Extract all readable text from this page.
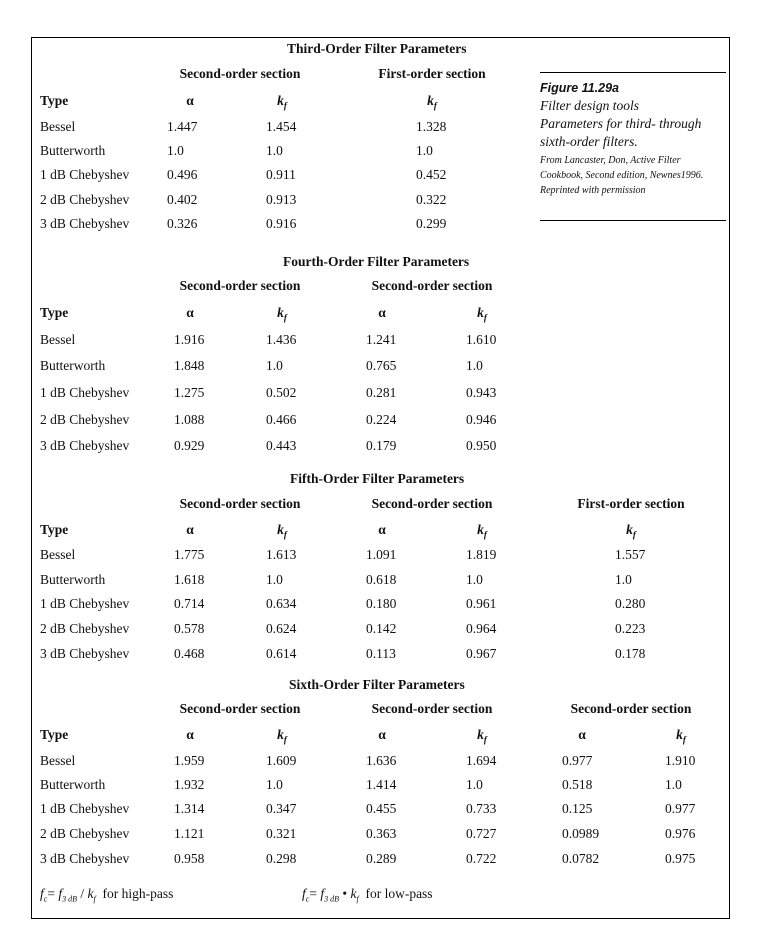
Figure 11.29a
Filter design tools
Parameters for third- through
sixth-order filters.
From Lancaster, Don, Active Filter Cookbook, Second edition, Newnes1996. Reprinted with permission
Third-Order Filter Parameters
Second-order section	First-order section
Type	α	$k_f$	$k_f$
Bessel	1.447	1.454	1.328
Butterworth	1.0	1.0	1.0
1 dB Chebyshev	0.496	0.911	0.452
2 dB Chebyshev	0.402	0.913	0.322
3 dB Chebyshev	0.326	0.916	0.299
Fourth-Order Filter Parameters
Second-order section	Second-order section
Type	α	$k_f$	α	$k_f$
Bessel	1.916	1.436	1.241	1.610
Butterworth	1.848	1.0	0.765	1.0
1 dB Chebyshev	1.275	0.502	0.281	0.943
2 dB Chebyshev	1.088	0.466	0.224	0.946
3 dB Chebyshev	0.929	0.443	0.179	0.950
Fifth-Order Filter Parameters
Second-order section	Second-order section	First-order section
Type	α	$k_f$	α	$k_f$	$k_f$
Bessel	1.775	1.613	1.091	1.819	1.557
Butterworth	1.618	1.0	0.618	1.0	1.0
1 dB Chebyshev	0.714	0.634	0.180	0.961	0.280
2 dB Chebyshev	0.578	0.624	0.142	0.964	0.223
3 dB Chebyshev	0.468	0.614	0.113	0.967	0.178
Sixth-Order Filter Parameters
Second-order section	Second-order section	Second-order section
Type	α	$k_f$	α	$k_f$	α	$k_f$
Bessel	1.959	1.609	1.636	1.694	0.977	1.910
Butterworth	1.932	1.0	1.414	1.0	0.518	1.0
1 dB Chebyshev	1.314	0.347	0.455	0.733	0.125	0.977
2 dB Chebyshev	1.121	0.321	0.363	0.727	0.0989	0.976
3 dB Chebyshev	0.958	0.298	0.289	0.722	0.0782	0.975
$f_c= f_{3 dB} / k_f$ for high-pass	$f_c= f_{3 dB}$ • $k_f$ for low-pass
